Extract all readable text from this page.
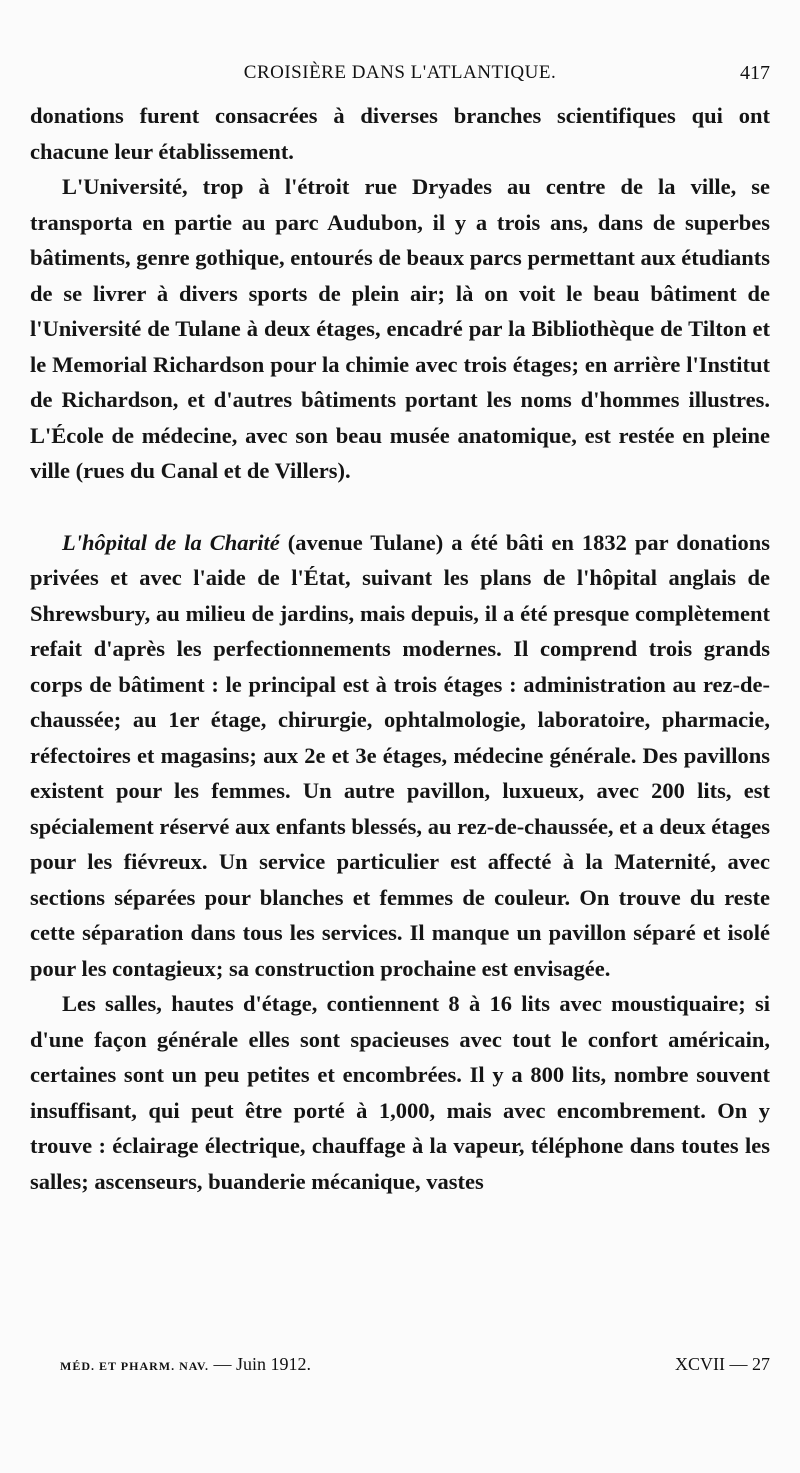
CROISIÈRE DANS L'ATLANTIQUE.	417

donations furent consacrées à diverses branches scientifiques qui ont chacune leur établissement.

L'Université, trop à l'étroit rue Dryades au centre de la ville, se transporta en partie au parc Audubon, il y a trois ans, dans de superbes bâtiments, genre gothique, entourés de beaux parcs permettant aux étudiants de se livrer à divers sports de plein air; là on voit le beau bâtiment de l'Université de Tulane à deux étages, encadré par la Bibliothèque de Tilton et le Memorial Richardson pour la chimie avec trois étages; en arrière l'Institut de Richardson, et d'autres bâtiments portant les noms d'hommes illustres. L'École de médecine, avec son beau musée anatomique, est restée en pleine ville (rues du Canal et de Villers).

L'hôpital de la Charité (avenue Tulane) a été bâti en 1832 par donations privées et avec l'aide de l'État, suivant les plans de l'hôpital anglais de Shrewsbury, au milieu de jardins, mais depuis, il a été presque complètement refait d'après les perfectionnements modernes. Il comprend trois grands corps de bâtiment : le principal est à trois étages : administration au rez-de-chaussée; au 1er étage, chirurgie, ophtalmologie, laboratoire, pharmacie, réfectoires et magasins; aux 2e et 3e étages, médecine générale. Des pavillons existent pour les femmes. Un autre pavillon, luxueux, avec 200 lits, est spécialement réservé aux enfants blessés, au rez-de-chaussée, et a deux étages pour les fiévreux. Un service particulier est affecté à la Maternité, avec sections séparées pour blanches et femmes de couleur. On trouve du reste cette séparation dans tous les services. Il manque un pavillon séparé et isolé pour les contagieux; sa construction prochaine est envisagée.

Les salles, hautes d'étage, contiennent 8 à 16 lits avec moustiquaire; si d'une façon générale elles sont spacieuses avec tout le confort américain, certaines sont un peu petites et encombrées. Il y a 800 lits, nombre souvent insuffisant, qui peut être porté à 1,000, mais avec encombrement. On y trouve : éclairage électrique, chauffage à la vapeur, téléphone dans toutes les salles; ascenseurs, buanderie mécanique, vastes

MÉD. ET PHARM. NAV. — Juin 1912.	XCVII — 27
